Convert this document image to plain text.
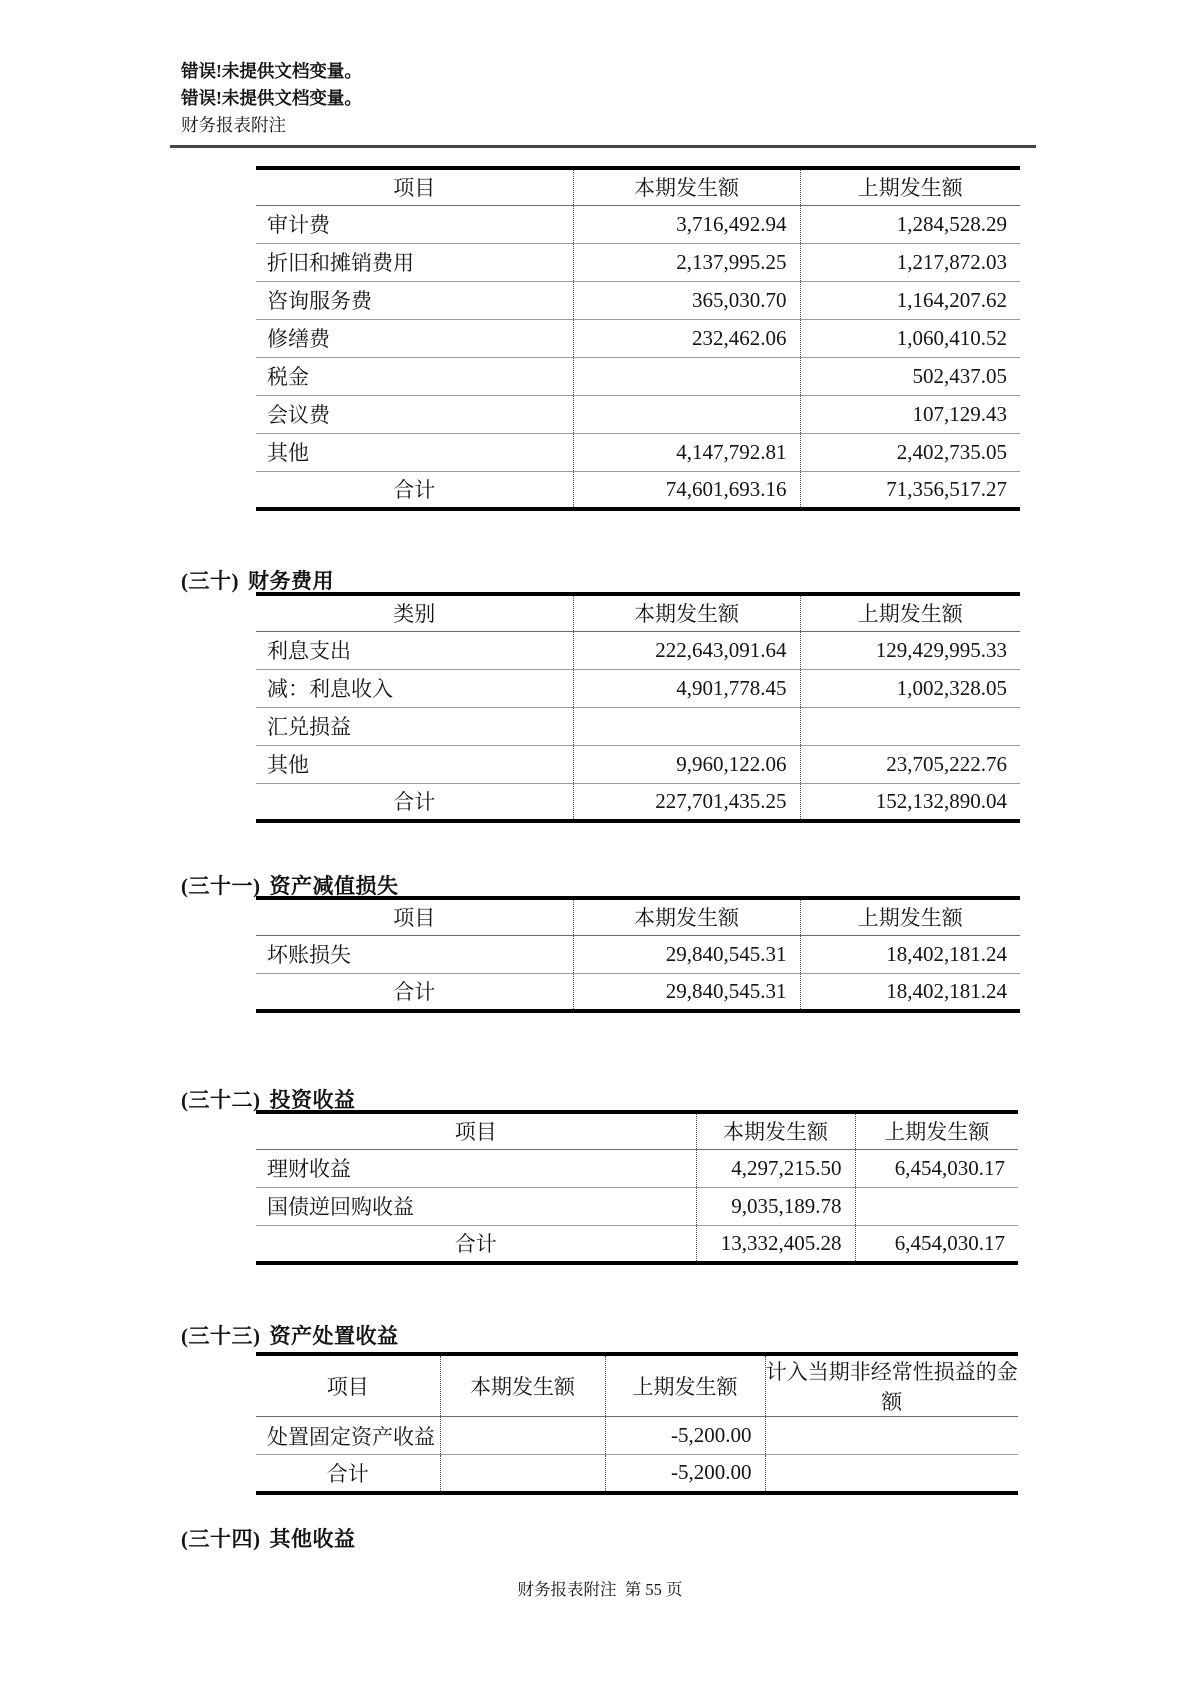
错误!未提供文档变量。
错误!未提供文档变量。
财务报表附注
项目	本期发生额	上期发生额
审计费	3,716,492.94	1,284,528.29
折旧和摊销费用	2,137,995.25	1,217,872.03
咨询服务费	365,030.70	1,164,207.62
修缮费	232,462.06	1,060,410.52
税金		502,437.05
会议费		107,129.43
其他	4,147,792.81	2,402,735.05
合计	74,601,693.16	71,356,517.27
(三十) 财务费用
类别	本期发生额	上期发生额
利息支出	222,643,091.64	129,429,995.33
减：利息收入	4,901,778.45	1,002,328.05
汇兑损益		
其他	9,960,122.06	23,705,222.76
合计	227,701,435.25	152,132,890.04
(三十一) 资产减值损失
项目	本期发生额	上期发生额
坏账损失	29,840,545.31	18,402,181.24
合计	29,840,545.31	18,402,181.24
(三十二) 投资收益
项目	本期发生额	上期发生额
理财收益	4,297,215.50	6,454,030.17
国债逆回购收益	9,035,189.78	
合计	13,332,405.28	6,454,030.17
(三十三) 资产处置收益
项目	本期发生额	上期发生额	计入当期非经常性损益的金额
处置固定资产收益		-5,200.00	
合计		-5,200.00	
(三十四) 其他收益
财务报表附注  第 55 页
